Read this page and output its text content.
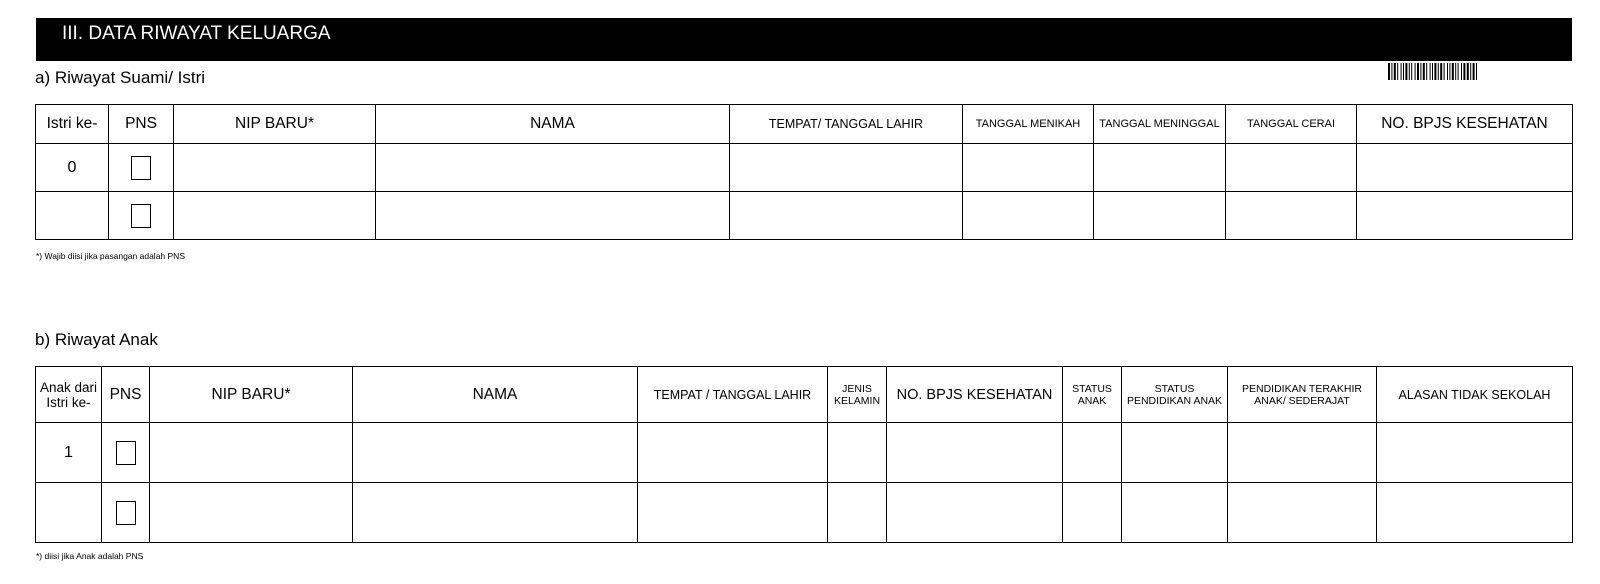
III. DATA RIWAYAT KELUARGA
a) Riwayat Suami/ Istri
Istri ke-	PNS	NIP BARU*	NAMA	TEMPAT/ TANGGAL LAHIR	TANGGAL MENIKAH	TANGGAL MENINGGAL	TANGGAL CERAI	NO. BPJS KESEHATAN
0								

*) Wajib diisi jika pasangan adalah PNS
b) Riwayat Anak
Anak dari Istri ke-	PNS	NIP BARU*	NAMA	TEMPAT / TANGGAL LAHIR	JENIS KELAMIN	NO. BPJS KESEHATAN	STATUS ANAK	STATUS PENDIDIKAN ANAK	PENDIDIKAN TERAKHIR ANAK/ SEDERAJAT	ALASAN TIDAK SEKOLAH
1										

*) diisi jika Anak adalah PNS
